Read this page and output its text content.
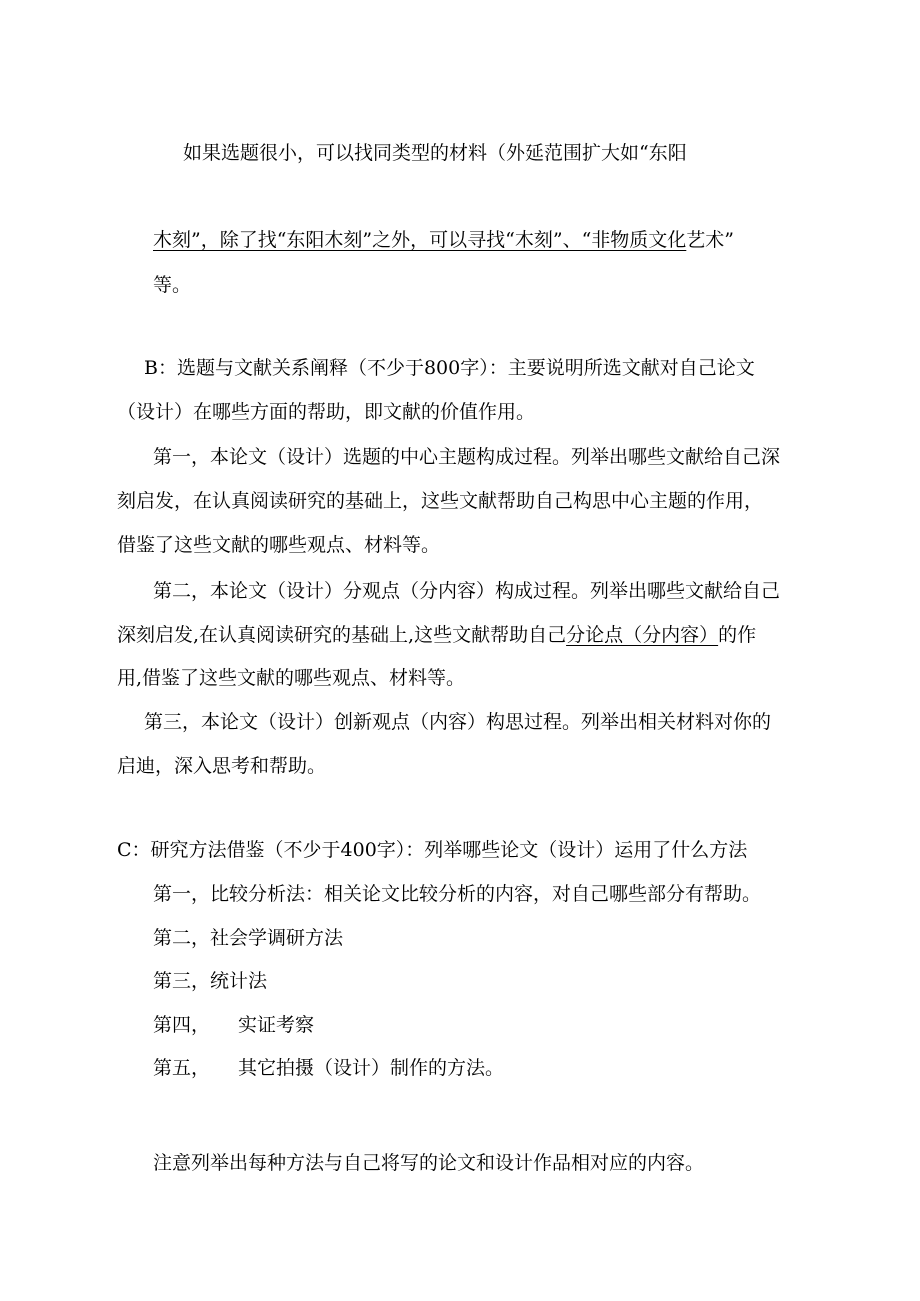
如果选题很小，可以找同类型的材料（外延范围扩大如“东阳
木刻”，除了找“东阳木刻”之外，可以寻找“木刻”、“非物质文化艺术”
等。
B：选题与文献关系阐释（不少于800字）：主要说明所选文献对自己论文
（设计）在哪些方面的帮助，即文献的价值作用。
第一，本论文（设计）选题的中心主题构成过程。列举出哪些文献给自己深
刻启发，在认真阅读研究的基础上，这些文献帮助自己构思中心主题的作用，
借鉴了这些文献的哪些观点、材料等。
第二，本论文（设计）分观点（分内容）构成过程。列举出哪些文献给自己
深刻启发,在认真阅读研究的基础上,这些文献帮助自己分论点（分内容）的作
用,借鉴了这些文献的哪些观点、材料等。
第三，本论文（设计）创新观点（内容）构思过程。列举出相关材料对你的
启迪，深入思考和帮助。
C：研究方法借鉴（不少于400字）：列举哪些论文（设计）运用了什么方法
第一，比较分析法：相关论文比较分析的内容，对自己哪些部分有帮助。
第二，社会学调研方法
第三，统计法
第四， 实证考察
第五， 其它拍摄（设计）制作的方法。
注意列举出每种方法与自己将写的论文和设计作品相对应的内容。
